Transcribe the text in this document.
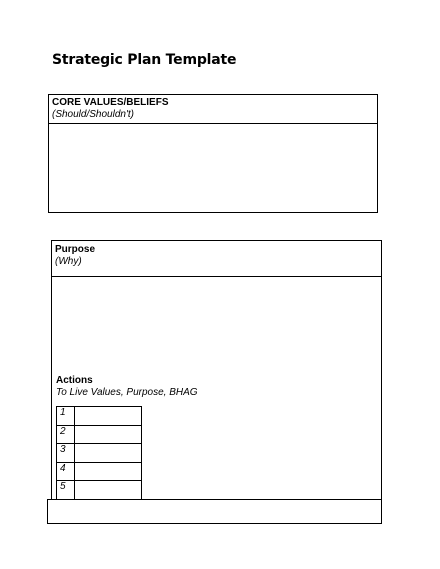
Strategic Plan Template
CORE VALUES/BELIEFS
(Should/Shouldn't)
Purpose
(Why)
Actions
To Live Values, Purpose, BHAG
1	
2	
3	
4	
5	
